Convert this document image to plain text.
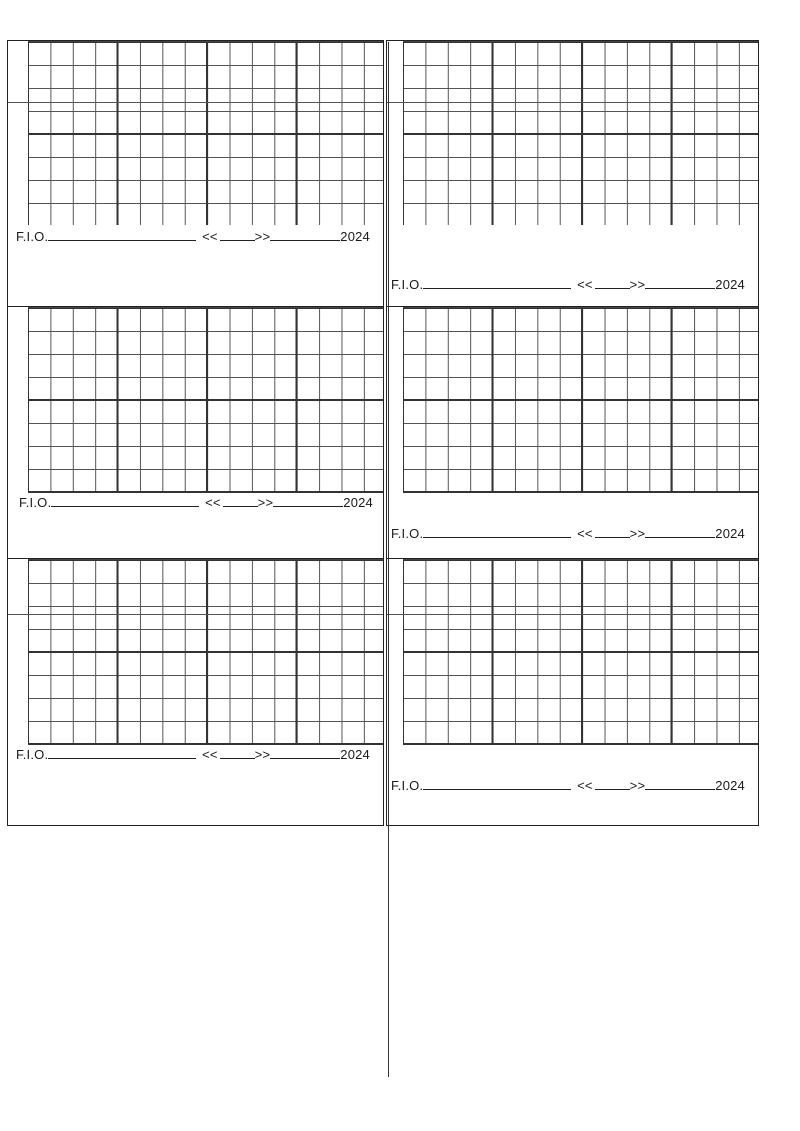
F.I.O.	<<	>>	2024
F.I.O.	<<	>>	2024
F.I.O.	<<	>>	2024
F.I.O.	<<	>>	2024
F.I.O.	<<	>>	2024
F.I.O.	<<	>>	2024
